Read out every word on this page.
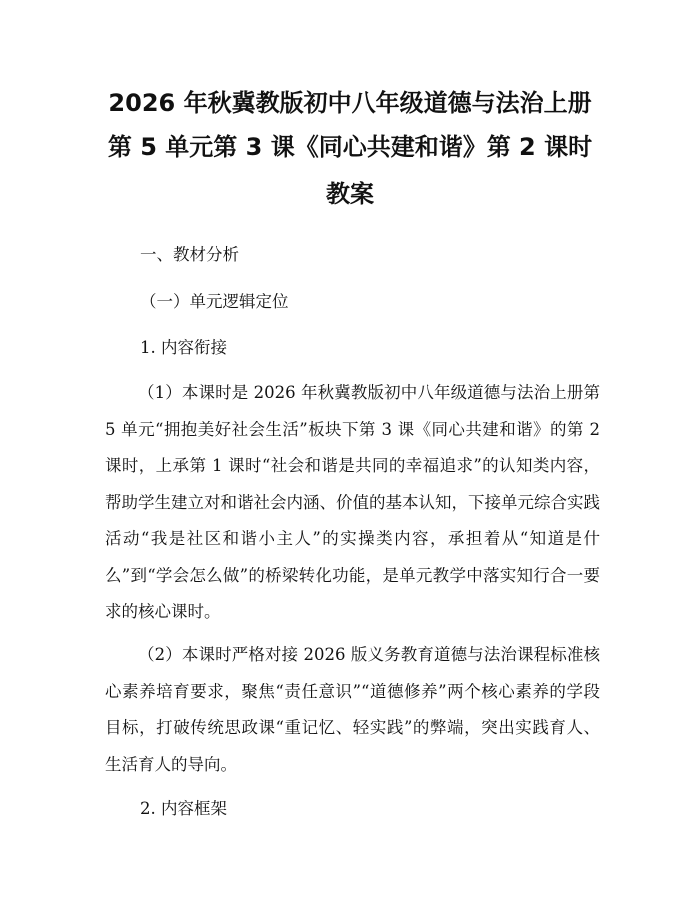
2026 年秋冀教版初中八年级道德与法治上册
第 5 单元第 3 课《同心共建和谐》第 2 课时
教案
一、教材分析
（一）单元逻辑定位
1. 内容衔接
（1）本课时是 2026 年秋冀教版初中八年级道德与法治上册第 5 单元“拥抱美好社会生活”板块下第 3 课《同心共建和谐》的第 2 课时，上承第 1 课时“社会和谐是共同的幸福追求”的认知类内容，帮助学生建立对和谐社会内涵、价值的基本认知，下接单元综合实践活动“我是社区和谐小主人”的实操类内容，承担着从“知道是什么”到“学会怎么做”的桥梁转化功能，是单元教学中落实知行合一要求的核心课时。
（2）本课时严格对接 2026 版义务教育道德与法治课程标准核心素养培育要求，聚焦“责任意识”“道德修养”两个核心素养的学段目标，打破传统思政课“重记忆、轻实践”的弊端，突出实践育人、生活育人的导向。
2. 内容框架
